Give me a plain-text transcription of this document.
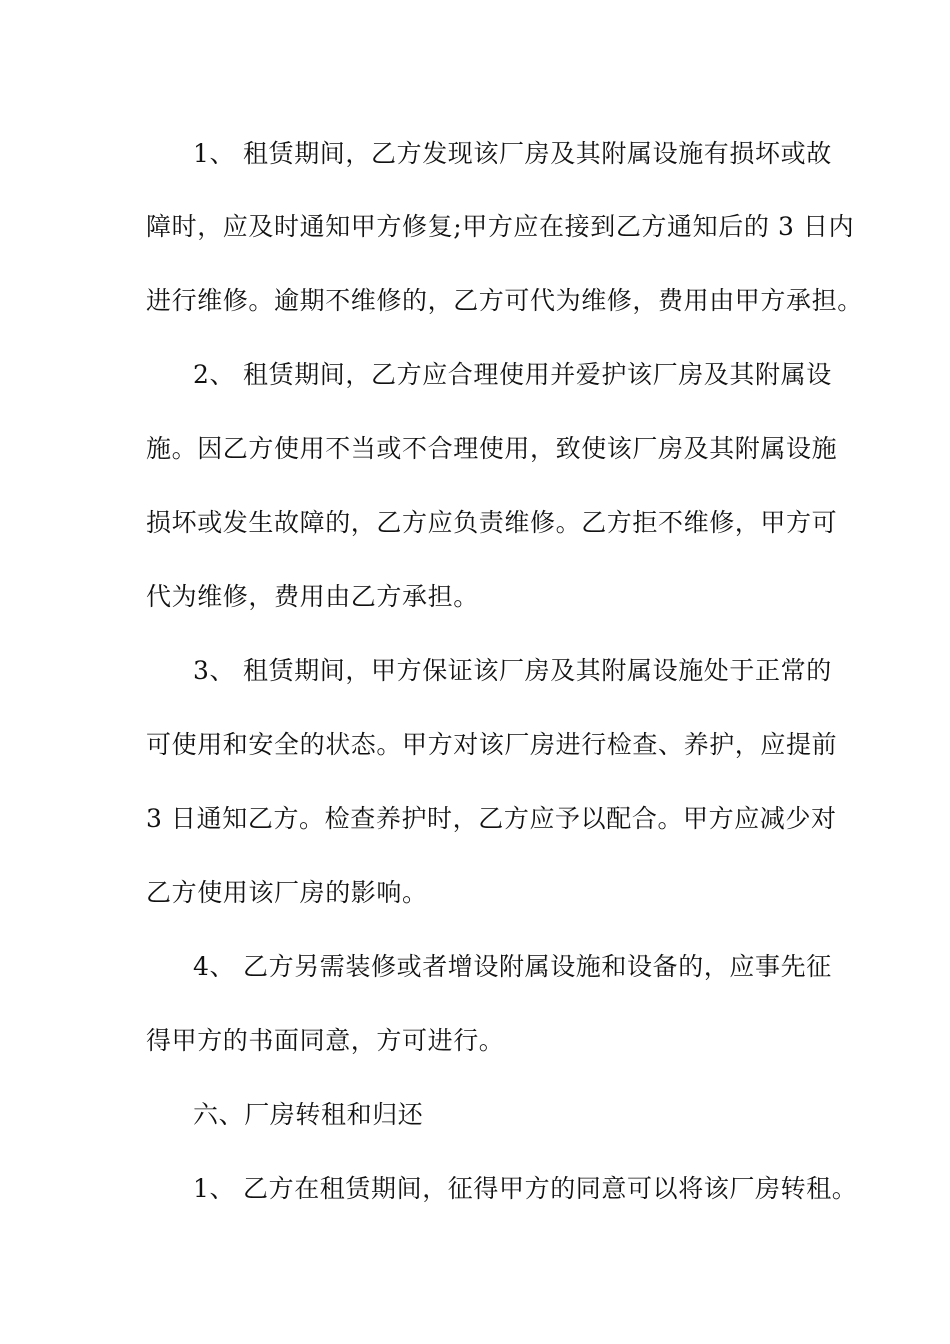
1、 租赁期间，乙方发现该厂房及其附属设施有损坏或故
障时，应及时通知甲方修复;甲方应在接到乙方通知后的 3 日内
进行维修。逾期不维修的，乙方可代为维修，费用由甲方承担。
2、 租赁期间，乙方应合理使用并爱护该厂房及其附属设
施。因乙方使用不当或不合理使用，致使该厂房及其附属设施
损坏或发生故障的，乙方应负责维修。乙方拒不维修，甲方可
代为维修，费用由乙方承担。
3、 租赁期间，甲方保证该厂房及其附属设施处于正常的
可使用和安全的状态。甲方对该厂房进行检查、养护，应提前
3 日通知乙方。检查养护时，乙方应予以配合。甲方应减少对
乙方使用该厂房的影响。
4、 乙方另需装修或者增设附属设施和设备的，应事先征
得甲方的书面同意，方可进行。
六、厂房转租和归还
1、 乙方在租赁期间，征得甲方的同意可以将该厂房转租。
